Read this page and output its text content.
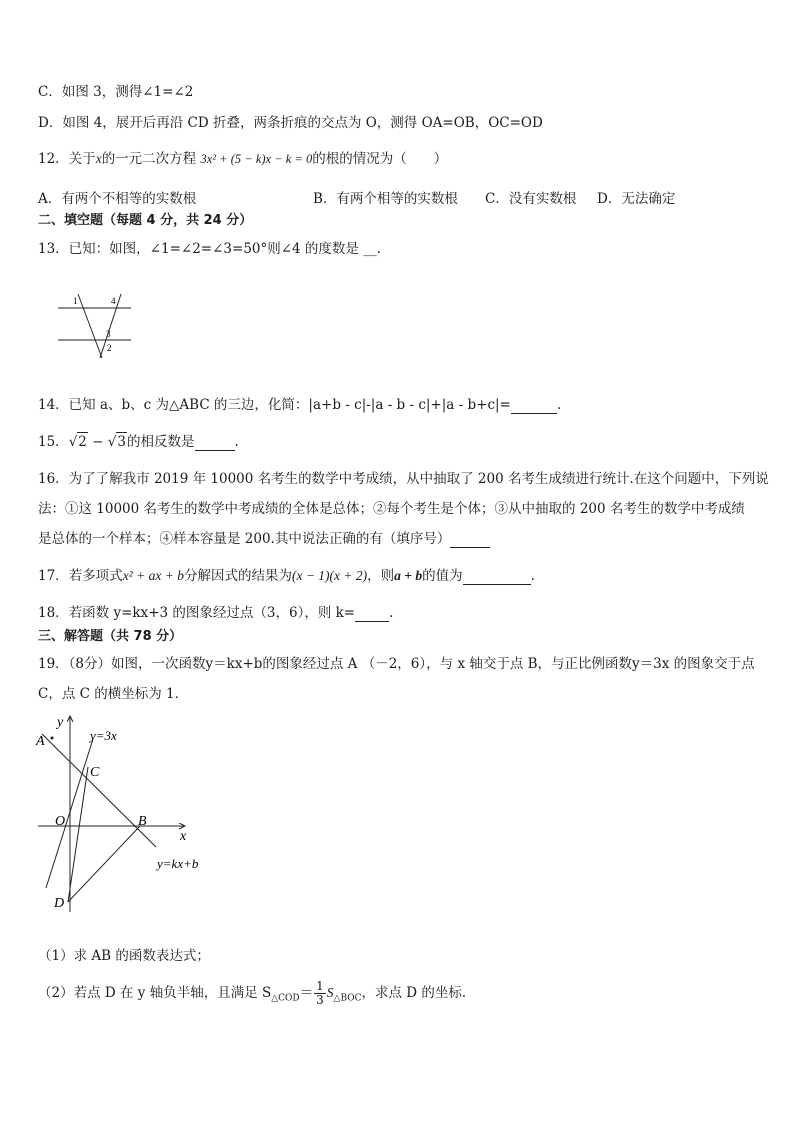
C．如图 3，测得∠1=∠2
D．如图 4，展开后再沿 CD 折叠，两条折痕的交点为 O，测得 OA=OB，OC=OD
12．关于x的一元二次方程 3x² + (5 − k)x − k = 0的根的情况为（　　）
A．有两个不相等的实数根	B．有两个相等的实数根 C．没有实数根 D．无法确定
二、填空题（每题 4 分，共 24 分）
13．已知：如图，∠1=∠2=∠3=50°则∠4 的度数是 __.
1	4
3
2
14．已知 a、b、c 为△ABC 的三边，化简：|a+b - c|-|a - b - c|+|a - b+c|=	.
15．√2 − √3的相反数是	.
16．为了了解我市 2019 年 10000 名考生的数学中考成绩，从中抽取了 200 名考生成绩进行统计.在这个问题中，下列说
法：①这 10000 名考生的数学中考成绩的全体是总体；②每个考生是个体；③从中抽取的 200 名考生的数学中考成绩
是总体的一个样本；④样本容量是 200.其中说法正确的有（填序号）
17．若多项式x² + ax + b分解因式的结果为(x − 1)(x + 2)，则a + b的值为	.
18．若函数 y=kx+3 的图象经过点（3，6），则 k=	.
三、解答题（共 78 分）
19．（8分）如图，一次函数y＝kx+b的图象经过点 A （－2，6），与 x 轴交于点 B，与正比例函数y＝3x 的图象交于点
C，点 C 的横坐标为 1．
y
x
A
C
B
O
D
y=3x
y=kx+b
（1）求 AB 的函数表达式；
（2）若点 D 在 y 轴负半轴，且满足 $S_{\triangle COD}= \frac{1}{3} S_{\triangle BOC}$，求点 D 的坐标．
